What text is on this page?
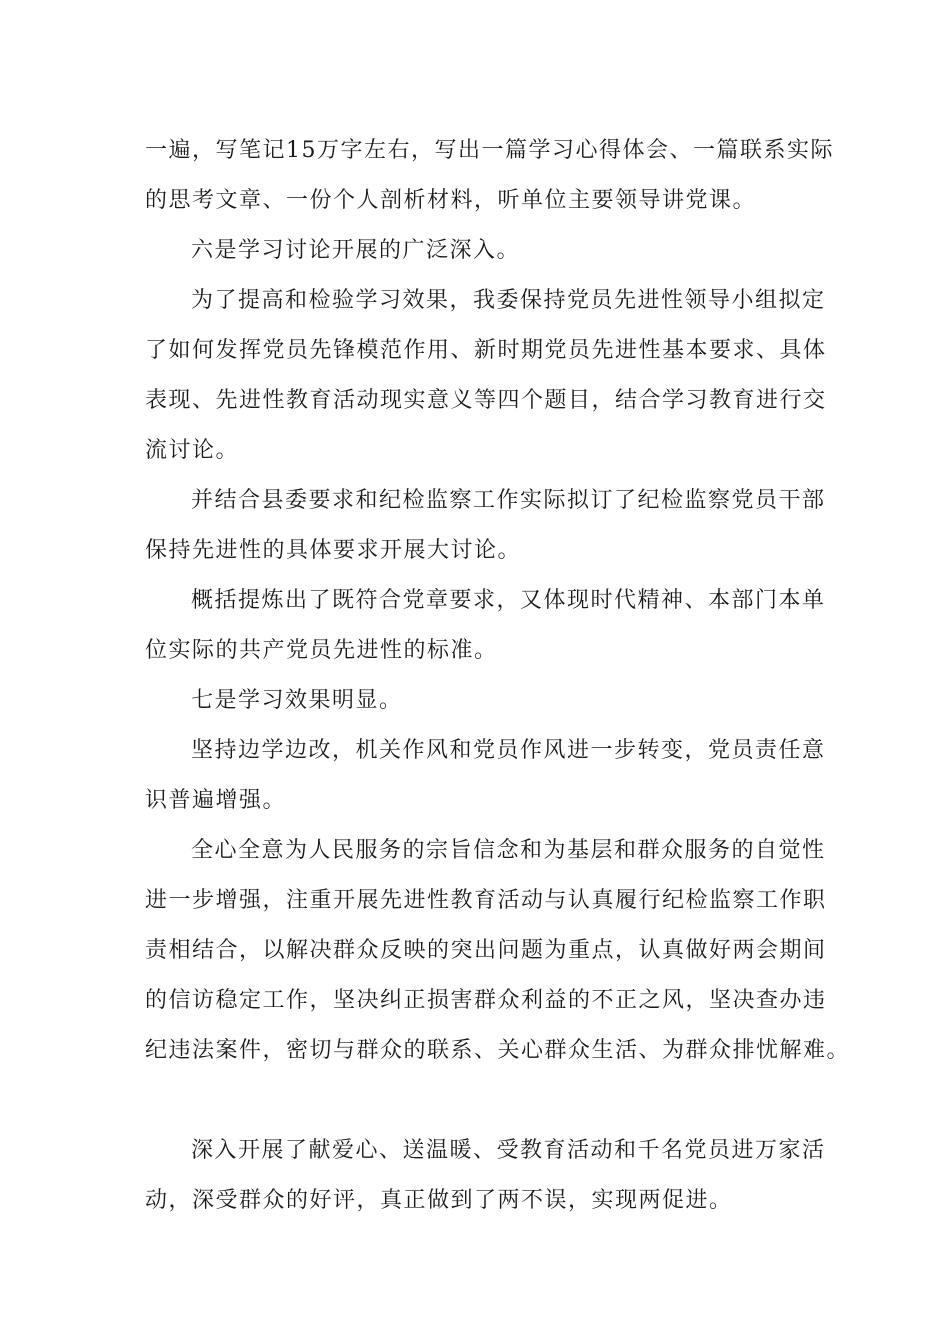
一遍，写笔记15万字左右，写出一篇学习心得体会、一篇联系实际
的思考文章、一份个人剖析材料，听单位主要领导讲党课。
六是学习讨论开展的广泛深入。
为了提高和检验学习效果，我委保持党员先进性领导小组拟定
了如何发挥党员先锋模范作用、新时期党员先进性基本要求、具体
表现、先进性教育活动现实意义等四个题目，结合学习教育进行交
流讨论。
并结合县委要求和纪检监察工作实际拟订了纪检监察党员干部
保持先进性的具体要求开展大讨论。
概括提炼出了既符合党章要求，又体现时代精神、本部门本单
位实际的共产党员先进性的标准。
七是学习效果明显。
坚持边学边改，机关作风和党员作风进一步转变，党员责任意
识普遍增强。
全心全意为人民服务的宗旨信念和为基层和群众服务的自觉性
进一步增强，注重开展先进性教育活动与认真履行纪检监察工作职
责相结合，以解决群众反映的突出问题为重点，认真做好两会期间
的信访稳定工作，坚决纠正损害群众利益的不正之风，坚决查办违
纪违法案件，密切与群众的联系、关心群众生活、为群众排忧解难。
深入开展了献爱心、送温暖、受教育活动和千名党员进万家活
动，深受群众的好评，真正做到了两不误，实现两促进。
